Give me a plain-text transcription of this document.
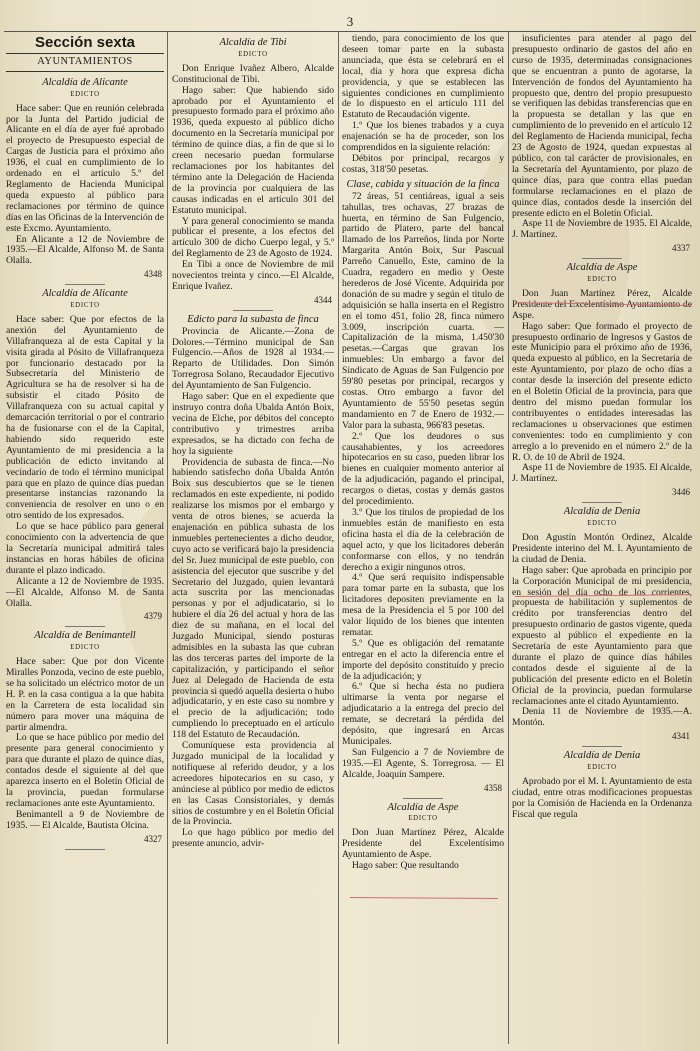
3
Sección sexta
AYUNTAMIENTOS
Alcaldía de Alicante
EDICTO

Hace saber: Que en reunión celebrada por la Junta del Partido judicial de Alicante en el día de ayer fué aprobado el proyecto de Presupuesto especial de Cargas de Justicia para el próximo año 1936, el cual en cumplimiento de lo ordenado en el artículo 5.º del Reglamento de Hacienda Municipal queda expuesto al público para reclamaciones por término de quince días en las Oficinas de la Intervención de este Excmo. Ayuntamiento.

En Alicante a 12 de Noviembre de 1935.—El Alcalde, Alfonso M. de Santa Olalla.

4348
Alcaldía de Alicante
EDICTO

Hace saber: Que por efectos de la anexión del Ayuntamiento de Villafranqueza al de esta Capital y la visita girada al Pósito de Villafranqueza por funcionario destacado por la Subsecretaría del Ministerio de Agricultura se ha de resolver si ha de subsistir el citado Pósito de Villafranqueza con su actual capital y demarcación territorial o por el contrario ha de fusionarse con el de la Capital, habiendo sido requerido este Ayuntamiento de mi presidencia a la publicación de edicto invitando al vecindario de todo el término municipal para que en plazo de quince días puedan presentarse instancias razonando la conveniencia de resolver en uno o en otro sentido de los expresados.

Lo que se hace público para general conocimiento con la advertencia de que la Secretaría municipal admitirá tales instancias en horas hábiles de oficina durante el plazo indicado.

Alicante a 12 de Noviembre de 1935.—El Alcalde, Alfonso M. de Santa Olalla.

4379
Alcaldía de Benimantell
EDICTO

Hace saber: Que por don Vicente Miralles Ponzoda, vecino de este pueblo, se ha solicitado un eléctrico motor de un H. P. en la casa contigua a la que habita en la Carretera de esta localidad sin número para mover una máquina de partir almendra.

Lo que se hace público por medio del presente para general conocimiento y para que durante el plazo de quince días, contados desde el siguiente al del que aparezca inserto en el Boletín Oficial de la provincia, puedan formularse reclamaciones ante este Ayuntamiento.

Benimantell a 9 de Noviembre de 1935. — El Alcalde, Bautista Olcina.

4327
Alcaldía de Tibi
EDICTO

Don Enrique Ivañez Albero, Alcalde Constitucional de Tibi.

Hago saber: Que habiendo sido aprobado por el Ayuntamiento el presupuesto formado para el próximo año 1936, queda expuesto al público dicho documento en la Secretaría municipal por término de quince días, a fin de que si lo creen necesario puedan formularse reclamaciones por los habitantes del término ante la Delegación de Hacienda de la provincia por cualquiera de las causas indicadas en el artículo 301 del Estatuto municipal.

Y para general conocimiento se manda publicar el presente, a los efectos del artículo 300 de dicho Cuerpo legal, y 5.º del Reglamento de 23 de Agosto de 1924.

En Tibi a once de Noviembre de mil novecientos treinta y cinco.—El Alcalde, Enrique Ivañez.

4344
Edicto para la subasta de finca

Provincia de Alicante.—Zona de Dolores.—Término municipal de San Fulgencio.—Años de 1928 al 1934.—Reparto de Utilidades. Don Simón Torregrosa Solano, Recaudador Ejecutivo del Ayuntamiento de San Fulgencio.

Hago saber: Que en el expediente que instruyo contra doña Ubalda Antón Boix, vecina de Elche, por débitos del concepto contributivo y trimestres arriba expresados, se ha dictado con fecha de hoy la siguiente

Providencia de subasta de finca.—No habiendo satisfecho doña Ubalda Antón Boix sus descubiertos que se le tienen reclamados en este expediente, ni podido realizarse los mismos por el embargo y venta de otros bienes, se acuerda la enajenación en pública subasta de los inmuebles pertenecientes a dicho deudor, cuyo acto se verificará bajo la presidencia del Sr. Juez municipal de este pueblo, con asistencia del ejecutor que suscribe y del Secretario del Juzgado, quien levantará acta suscrita por las mencionadas personas y por el adjudicatario, si lo hubiere el día 26 del actual y hora de las diez de su mañana, en el local del Juzgado Municipal, siendo posturas admisibles en la subasta las que cubran las dos terceras partes del importe de la capitalización, y participando el señor Juez al Delegado de Hacienda de esta provincia si quedó aquella desierta o hubo adjudicatario, y en este caso su nombre y el precio de la adjudicación; todo cumpliendo lo preceptuado en el artículo 118 del Estatuto de Recaudación.

Comuníquese esta providencia al Juzgado municipal de la localidad y notifíquese al referido deudor, y a los acreedores hipotecarios en su caso, y anúnciese al público por medio de edictos en las Casas Consistoriales, y demás sitios de costumbre y en el Boletín Oficial de la Provincia.

Lo que hago público por medio del presente anuncio, advir-

tiendo, para conocimiento de los que deseen tomar parte en la subasta anunciada, que ésta se celebrará en el local, día y hora que expresa dicha providencia, y que se establecen las siguientes condiciones en cumplimiento de lo dispuesto en el artículo 111 del Estatuto de Recaudación vigente.

1.º Que los bienes trabados y a cuya enajenación se ha de proceder, son los comprendidos en la siguiente relación:

Débitos por principal, recargos y costas, 318'50 pesetas.

Clase, cabida y situación de la finca

72 áreas, 51 centiáreas, igual a seis tahullas, tres ochavas, 27 brazas de huerta, en término de San Fulgencio, partido de Platero, parte del bancal llamado de los Parreños, linda por Norte Margarita Antón Boix, Sur Pascual Parreño Canuello, Este, camino de la Cuadra, regadero en medio y Oeste herederos de José Vicente. Adquirida por donación de su madre y según el título de adquisición se halla inserta en el Registro en el tomo 451, folio 28, finca número 3.009, inscripción cuarta. — Capitalización de la misma, 1.450'30 pesetas.—Cargas que gravan los inmuebles: Un embargo a favor del Sindicato de Aguas de San Fulgencio por 59'80 pesetas por principal, recargos y costas. Otro embargo a favor del Ayuntamiento de 55'50 pesetas según mandamiento en 7 de Enero de 1932.—Valor para la subasta, 966'83 pesetas.

2.º Que los deudores o sus causahabientes, y los acreedores hipotecarios en su caso, pueden librar los bienes en cualquier momento anterior al de la adjudicación, pagando el principal, recargos o dietas, costas y demás gastos del procedimiento.

3.º Que los títulos de propiedad de los inmuebles están de manifiesto en esta oficina hasta el día de la celebración de aquel acto, y que los licitadores deberán conformarse con ellos, y no tendrán derecho a exigir ningunos otros.

4.º Que será requisito indispensable para tomar parte en la subasta, que los licitadores depositen previamente en la mesa de la Presidencia el 5 por 100 del valor líquido de los bienes que intenten rematar.

5.º Que es obligación del rematante entregar en el acto la diferencia entre el importe del depósito constituído y precio de la adjudicación; y

6.º Que si hecha ésta no pudiera ultimarse la venta por negarse el adjudicatario a la entrega del precio del remate, se decretará la pérdida del depósito, que ingresará en Arcas Municipales.

San Fulgencio a 7 de Noviembre de 1935.—El Agente, S. Torregrosa. — El Alcalde, Joaquín Sampere.

4358
Alcaldía de Aspe
EDICTO

Don Juan Martínez Pérez, Alcalde Presidente del Excelentísimo Ayuntamiento de Aspe.

Hago saber: Que resultando

insuficientes para atender al pago del presupuesto ordinario de gastos del año en curso de 1935, determinadas consignaciones que se encuentran a punto de agotarse, la Intervención de fondos del Ayuntamiento ha propuesto que, dentro del propio presupuesto se verifiquen las debidas transferencias que en la propuesta se detallan y las que en cumplimiento de lo prevenido en el artículo 12 del Reglamento de Hacienda municipal, fecha 23 de Agosto de 1924, quedan expuestas al público, con tal carácter de provisionales, en la Secretaría del Ayuntamiento, por plazo de quince días, para que contra ellas puedan formularse reclamaciones en el plazo de quince días, contados desde la inserción del presente edicto en el Boletín Oficial.

Aspe 11 de Noviembre de 1935. El Alcalde, J. Martínez.

4337
Alcaldía de Aspe
EDICTO

Don Juan Martínez Pérez, Alcalde Presidente del Excelentísimo Ayuntamiento de Aspe.

Hago saber: Que formado el proyecto de presupuesto ordinario de Ingresos y Gastos de este Municipio para el próximo año de 1936, queda expuesto al público, en la Secretaría de este Ayuntamiento, por plazo de ocho días a contar desde la inserción del presente edicto en el Boletín Oficial de la provincia, para que dentro del mismo puedan formular los contribuyentes o entidades interesadas las reclamaciones u observaciones que estimen convenientes: todo en cumplimiento y con arreglo a lo prevenido en el número 2.º de la R. O. de 10 de Abril de 1924.

Aspe 11 de Noviembre de 1935. El Alcalde, J. Martínez.

3446
Alcaldía de Denia
EDICTO

Don Agustín Montón Ordinez, Alcalde Presidente interino del M. I. Ayuntamiento de la ciudad de Denia.

Hago saber: Que aprobada en principio por la Corporación Municipal de mi presidencia, en sesión del día ocho de los corrientes, propuesta de habilitación y suplementos de crédito por transferencias dentro del presupuesto ordinario de gastos vigente, queda expuesto al público el expediente en la Secretaría de este Ayuntamiento para que durante el plazo de quince días hábiles contados desde el siguiente al de la publicación del presente edicto en el Boletín Oficial de la provincia, puedan formularse reclamaciones ante el citado Ayuntamiento.

Denia 11 de Noviembre de 1935.—A. Montón.

4341
Alcaldía de Denia
EDICTO

Aprobado por el M. I. Ayuntamiento de esta ciudad, entre otras modificaciones propuestas por la Comisión de Hacienda en la Ordenanza Fiscal que regula
